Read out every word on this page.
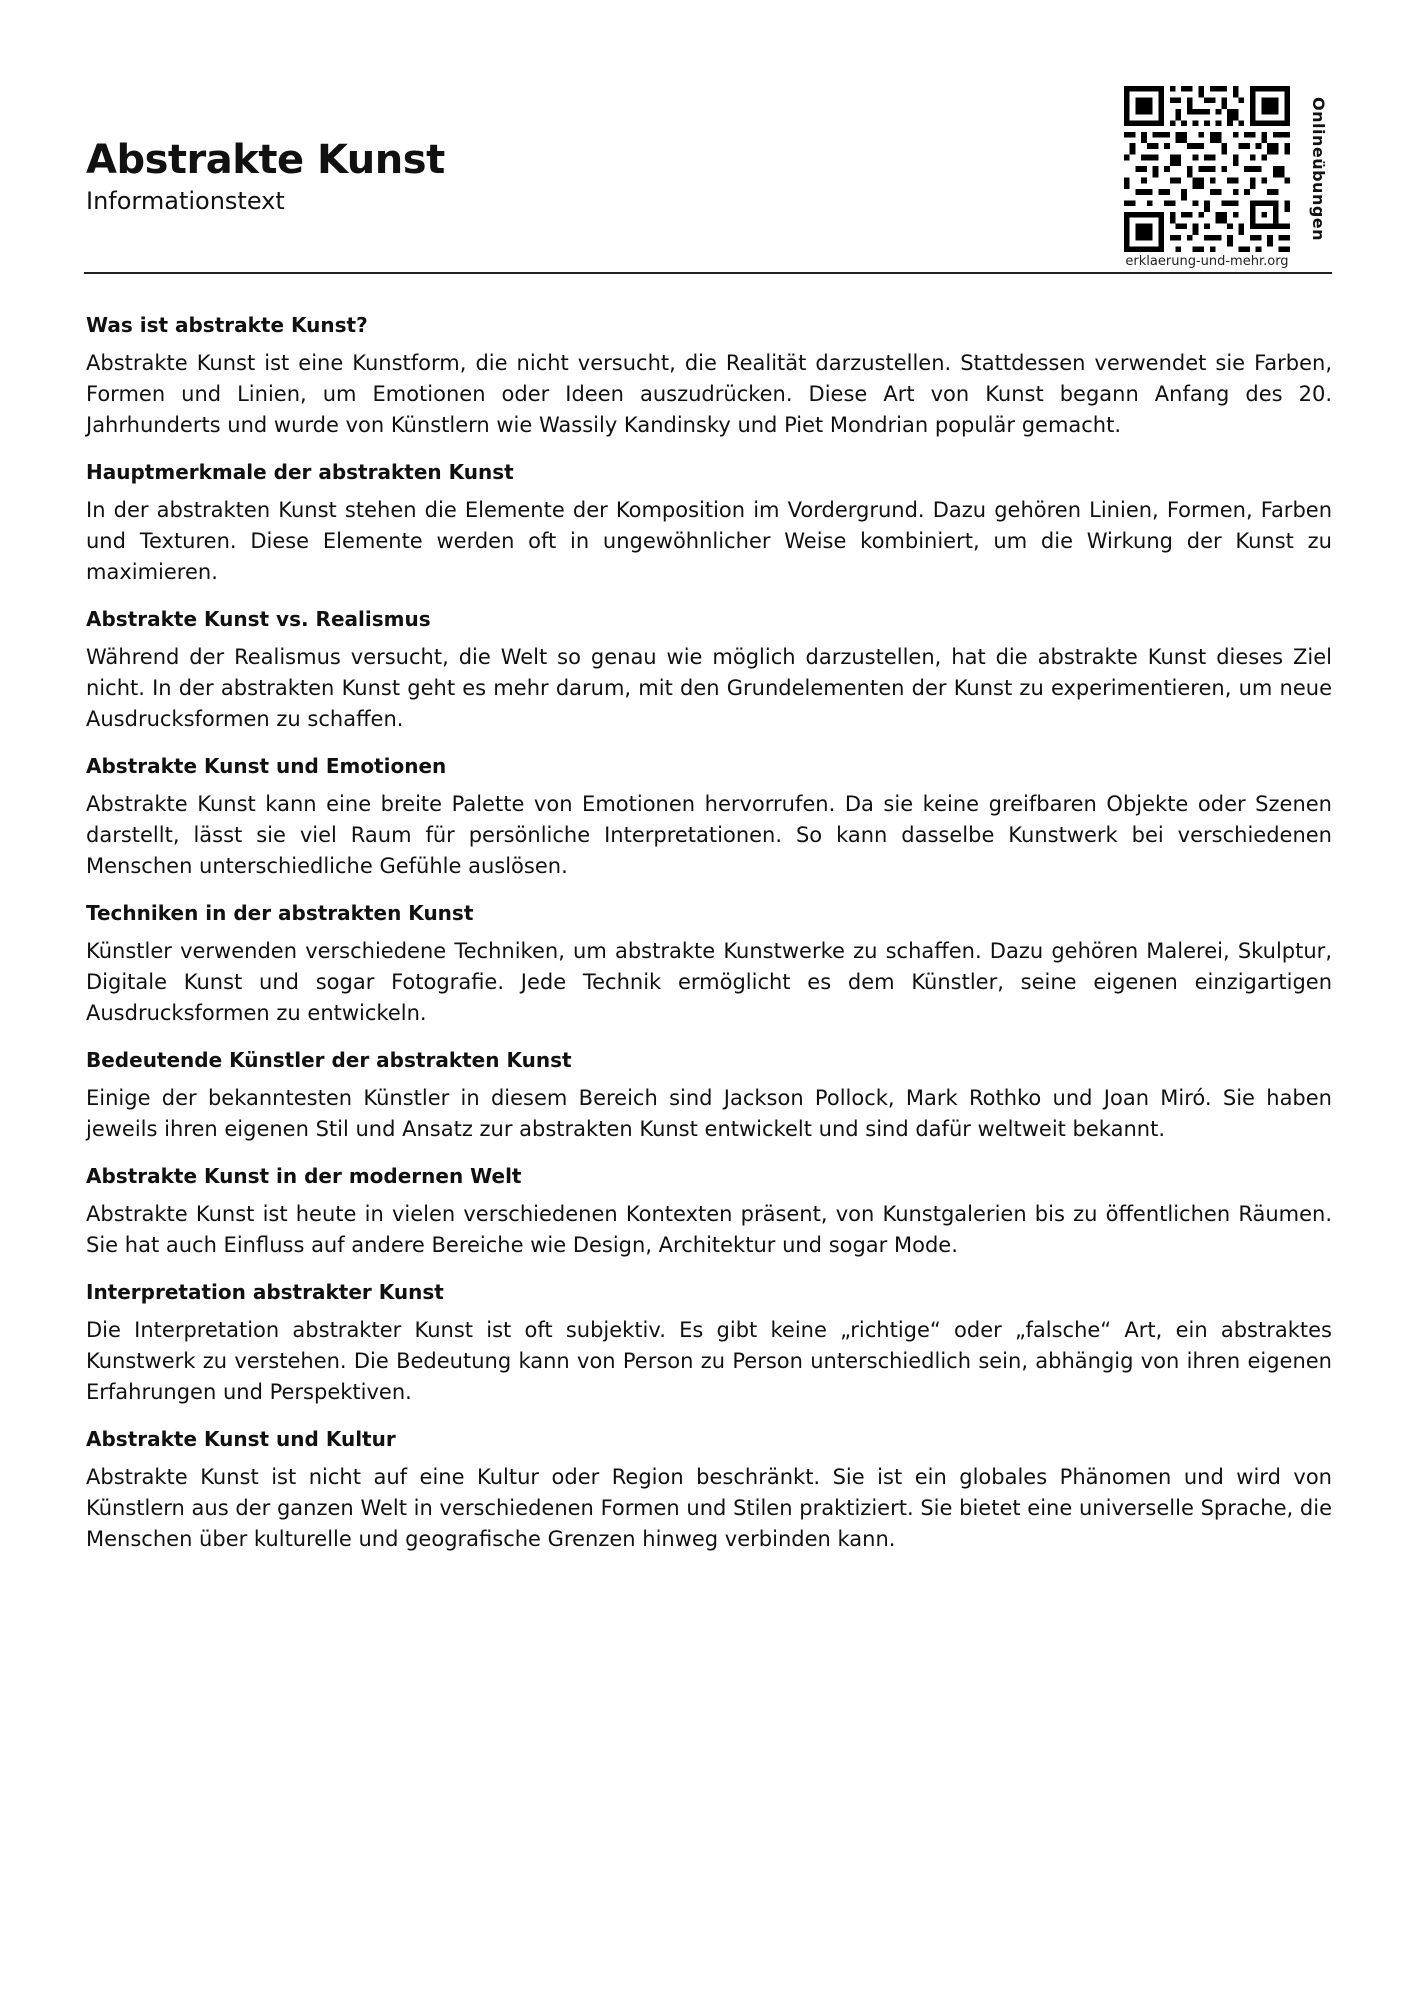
Abstrakte Kunst
Informationstext	Onlineübungen
erklaerung-und-mehr.org
Was ist abstrakte Kunst?

Abstrakte Kunst ist eine Kunstform, die nicht versucht, die Realität darzustellen. Stattdessen verwendet sie Farben, Formen und Linien, um Emotionen oder Ideen auszudrücken. Diese Art von Kunst begann Anfang des 20. Jahrhunderts und wurde von Künstlern wie Wassily Kandinsky und Piet Mondrian populär gemacht.

Hauptmerkmale der abstrakten Kunst

In der abstrakten Kunst stehen die Elemente der Komposition im Vordergrund. Dazu gehören Linien, Formen, Farben und Texturen. Diese Elemente werden oft in ungewöhnlicher Weise kombiniert, um die Wirkung der Kunst zu maximieren.

Abstrakte Kunst vs. Realismus

Während der Realismus versucht, die Welt so genau wie möglich darzustellen, hat die abstrakte Kunst dieses Ziel nicht. In der abstrakten Kunst geht es mehr darum, mit den Grundelementen der Kunst zu experimentieren, um neue Ausdrucksformen zu schaffen.

Abstrakte Kunst und Emotionen

Abstrakte Kunst kann eine breite Palette von Emotionen hervorrufen. Da sie keine greifbaren Objekte oder Szenen darstellt, lässt sie viel Raum für persönliche Interpretationen. So kann dasselbe Kunstwerk bei verschiedenen Menschen unterschiedliche Gefühle auslösen.

Techniken in der abstrakten Kunst

Künstler verwenden verschiedene Techniken, um abstrakte Kunstwerke zu schaffen. Dazu gehören Malerei, Skulptur, Digitale Kunst und sogar Fotografie. Jede Technik ermöglicht es dem Künstler, seine eigenen einzigartigen Ausdrucksformen zu entwickeln.

Bedeutende Künstler der abstrakten Kunst

Einige der bekanntesten Künstler in diesem Bereich sind Jackson Pollock, Mark Rothko und Joan Miró. Sie haben jeweils ihren eigenen Stil und Ansatz zur abstrakten Kunst entwickelt und sind dafür weltweit bekannt.

Abstrakte Kunst in der modernen Welt

Abstrakte Kunst ist heute in vielen verschiedenen Kontexten präsent, von Kunstgalerien bis zu öffentlichen Räumen. Sie hat auch Einfluss auf andere Bereiche wie Design, Architektur und sogar Mode.

Interpretation abstrakter Kunst

Die Interpretation abstrakter Kunst ist oft subjektiv. Es gibt keine „richtige“ oder „falsche“ Art, ein abstraktes Kunstwerk zu verstehen. Die Bedeutung kann von Person zu Person unterschiedlich sein, abhängig von ihren eigenen Erfahrungen und Perspektiven.

Abstrakte Kunst und Kultur

Abstrakte Kunst ist nicht auf eine Kultur oder Region beschränkt. Sie ist ein globales Phänomen und wird von Künstlern aus der ganzen Welt in verschiedenen Formen und Stilen praktiziert. Sie bietet eine universelle Sprache, die Menschen über kulturelle und geografische Grenzen hinweg verbinden kann.
